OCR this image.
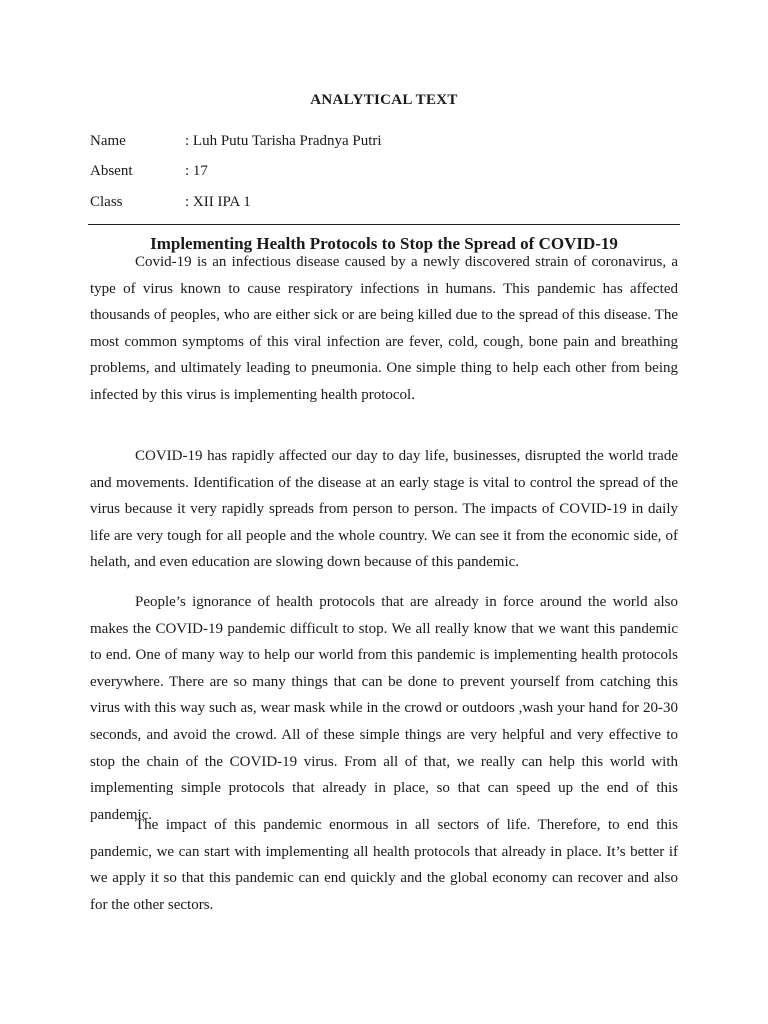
ANALYTICAL TEXT
Name	: Luh Putu Tarisha Pradnya Putri
Absent	: 17
Class	: XII IPA 1
Implementing Health Protocols to Stop the Spread of COVID-19

Covid-19 is an infectious disease caused by a newly discovered strain of coronavirus, a type of virus known to cause respiratory infections in humans. This pandemic has affected thousands of peoples, who are either sick or are being killed due to the spread of this disease. The most common symptoms of this viral infection are fever, cold, cough, bone pain and breathing problems, and ultimately leading to pneumonia. One simple thing to help each other from being infected by this virus is implementing health protocol.

COVID-19 has rapidly affected our day to day life, businesses, disrupted the world trade and movements. Identification of the disease at an early stage is vital to control the spread of the virus because it very rapidly spreads from person to person. The impacts of COVID-19 in daily life are very tough for all people and the whole country. We can see it from the economic side, of helath, and even education are slowing down because of this pandemic.

People’s ignorance of health protocols that are already in force around the world also makes the COVID-19 pandemic difficult to stop. We all really know that we want this pandemic to end. One of many way to help our world from this pandemic is implementing health protocols everywhere. There are so many things that can be done to prevent yourself from catching this virus with this way such as, wear mask while in the crowd or outdoors ,wash your hand for 20-30 seconds, and avoid the crowd. All of these simple things are very helpful and very effective to stop the chain of the COVID-19 virus. From all of that, we really can help this world with implementing simple protocols that already in place, so that can speed up the end of this pandemic.

The impact of this pandemic enormous in all sectors of life. Therefore, to end this pandemic, we can start with implementing all health protocols that already in place. It’s better if we apply it so that this pandemic can end quickly and the global economy can recover and also for the other sectors.
